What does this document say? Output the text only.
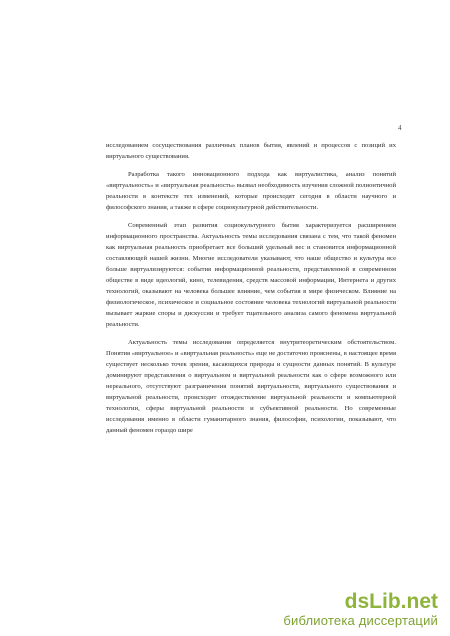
4

исследованием сосуществования различных планов бытия, явлений и процессов с позиций их виртуального существования.

Разработка такого инновационного подхода как виртуалистика, анализ понятий «виртуальность» и «виртуальная реальность» вызвал необходимость изучения сложной полионтичной реальности в контексте тех изменений, которые происходят сегодня в области научного и философского знания, а также в сфере социокультурной действительности.

Современный этап развития социокультурного бытия характеризуется расширением информационного пространства. Актуальность темы исследования связана с тем, что такой феномен как виртуальная реальность приобретает все больший удельный вес и становится информационной составляющей нашей жизни. Многие исследователи указывают, что наше общество и культура все больше виртуализируются: события информационной реальности, представленной в современном обществе в виде идеологий, кино, телевидения, средств массовой информации, Интернета и других технологий, оказывают на человека большее влияние, чем события в мире физическом. Влияние на физиологическое, психическое и социальное состояние человека технологий виртуальной реальности вызывает жаркие споры и дискуссии и требует тщательного анализа самого феномена виртуальной реальности.

Актуальность темы исследования определяется внутритеоретическим обстоятельством. Понятия «виртуальное» и «виртуальная реальность» еще не достаточно прояснены, в настоящее время существует несколько точек зрения, касающихся природы и сущности данных понятий. В культуре доминируют представления о виртуальном и виртуальной реальности как о сфере возможного или нереального, отсутствуют разграничения понятий виртуальности, виртуального существования и виртуальной реальности, происходит отождествление виртуальной реальности и компьютерной технологии, сферы виртуальной реальности и субъективной реальности. Но современные исследования именно в области гуманитарного знания, философии, психологии, показывают, что данный феномен гораздо шире

dsLib.net
библиотека диссертаций
